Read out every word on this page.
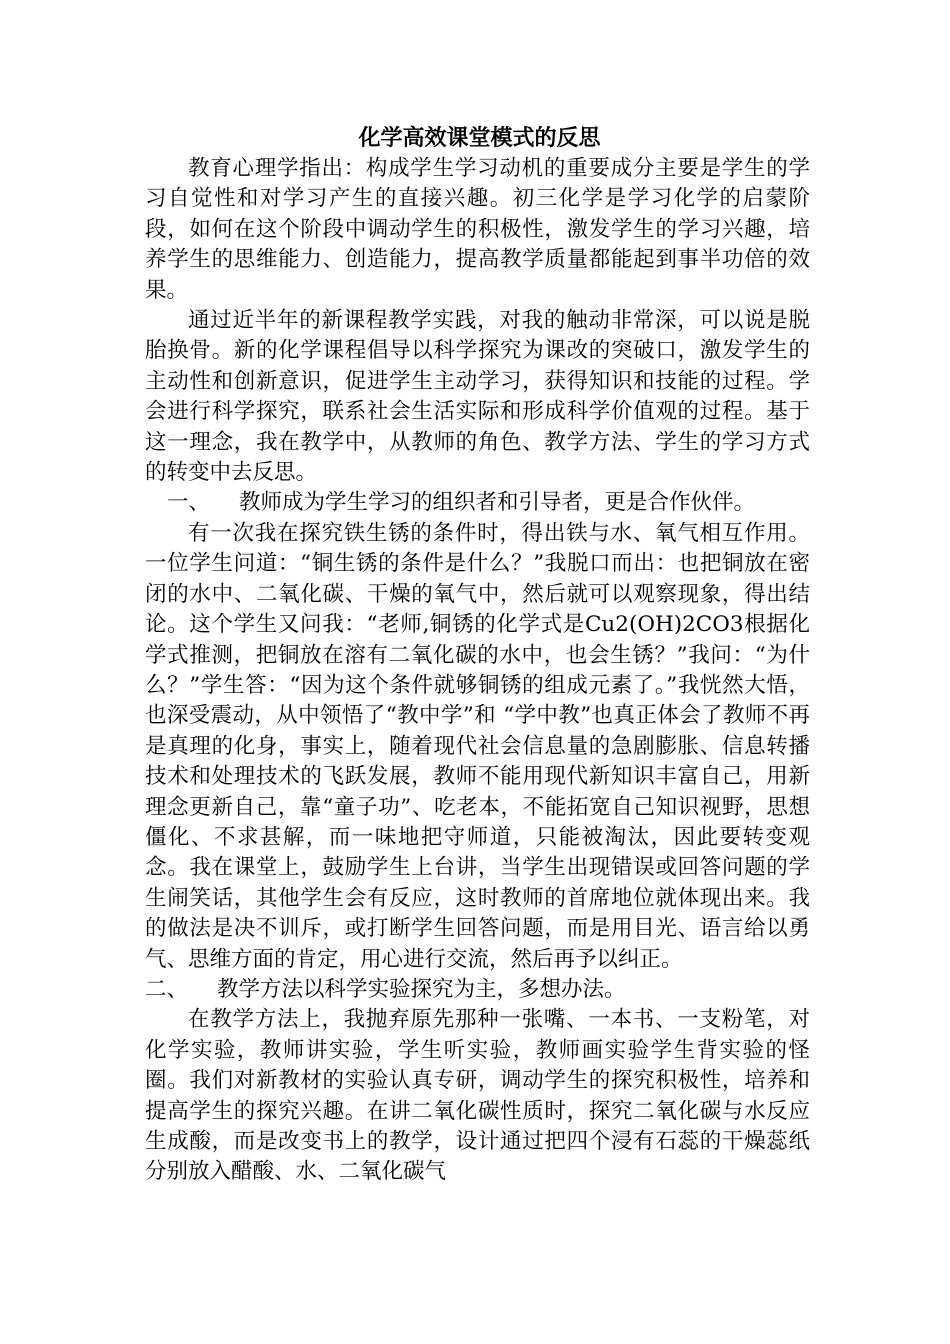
化学高效课堂模式的反思

教育心理学指出：构成学生学习动机的重要成分主要是学生的学习自觉性和对学习产生的直接兴趣。初三化学是学习化学的启蒙阶段，如何在这个阶段中调动学生的积极性，激发学生的学习兴趣，培养学生的思维能力、创造能力，提高教学质量都能起到事半功倍的效果。

通过近半年的新课程教学实践，对我的触动非常深，可以说是脱胎换骨。新的化学课程倡导以科学探究为课改的突破口，激发学生的主动性和创新意识，促进学生主动学习，获得知识和技能的过程。学会进行科学探究，联系社会生活实际和形成科学价值观的过程。基于这一理念，我在教学中，从教师的角色、教学方法、学生的学习方式的转变中去反思。

一、 教师成为学生学习的组织者和引导者，更是合作伙伴。

有一次我在探究铁生锈的条件时，得出铁与水、氧气相互作用。一位学生问道：“铜生锈的条件是什么？”我脱口而出：也把铜放在密闭的水中、二氧化碳、干燥的氧气中，然后就可以观察现象，得出结论。这个学生又问我：“老师,铜锈的化学式是Cu2(OH)2CO3根据化学式推测，把铜放在溶有二氧化碳的水中，也会生锈？”我问：“为什么？”学生答：“因为这个条件就够铜锈的组成元素了。”我恍然大悟，也深受震动，从中领悟了“教中学”和 “学中教”也真正体会了教师不再是真理的化身，事实上，随着现代社会信息量的急剧膨胀、信息转播技术和处理技术的飞跃发展，教师不能用现代新知识丰富自己，用新理念更新自己，靠“童子功”、吃老本，不能拓宽自己知识视野，思想僵化、不求甚解，而一味地把守师道，只能被淘汰，因此要转变观念。我在课堂上，鼓励学生上台讲，当学生出现错误或回答问题的学生闹笑话，其他学生会有反应，这时教师的首席地位就体现出来。我的做法是决不训斥，或打断学生回答问题，而是用目光、语言给以勇气、思维方面的肯定，用心进行交流，然后再予以纠正。

二、 教学方法以科学实验探究为主，多想办法。

在教学方法上，我抛弃原先那种一张嘴、一本书、一支粉笔，对化学实验，教师讲实验，学生听实验，教师画实验学生背实验的怪圈。我们对新教材的实验认真专研，调动学生的探究积极性，培养和提高学生的探究兴趣。在讲二氧化碳性质时，探究二氧化碳与水反应生成酸，而是改变书上的教学，设计通过把四个浸有石蕊的干燥蕊纸分别放入醋酸、水、二氧化碳气
